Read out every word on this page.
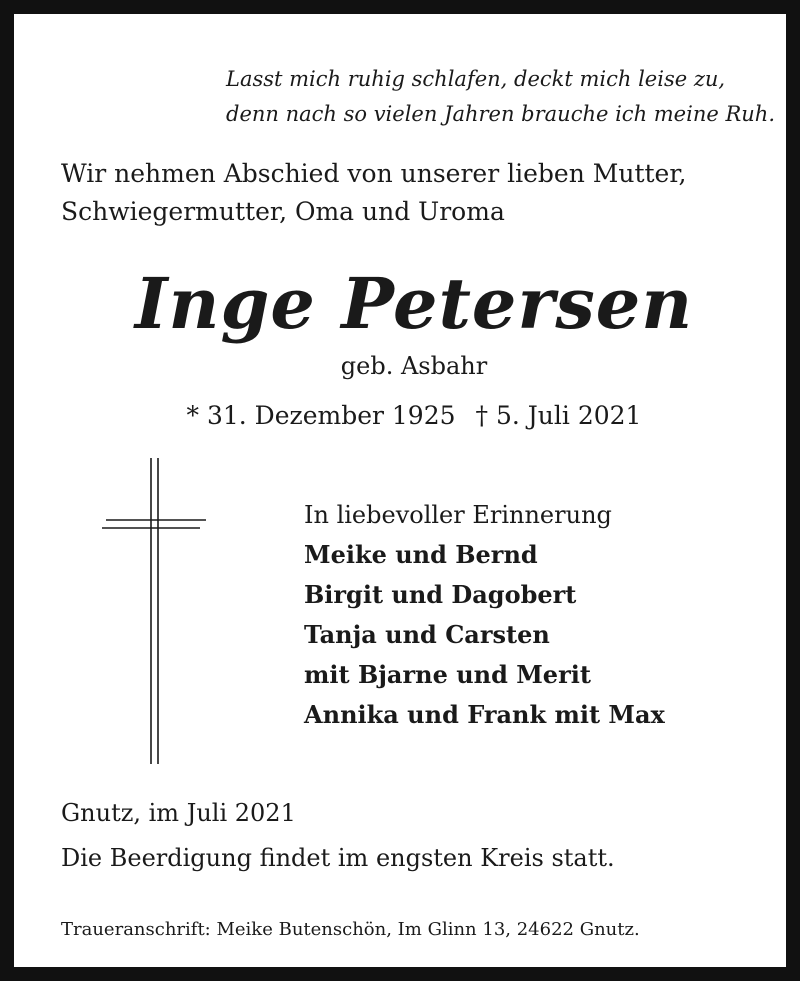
Lasst mich ruhig schlafen, deckt mich leise zu,
denn nach so vielen Jahren brauche ich meine Ruh.
Wir nehmen Abschied von unserer lieben Mutter,
Schwiegermutter, Oma und Uroma
Inge Petersen
geb. Asbahr
* 31. Dezember 1925 † 5. Juli 2021
In liebevoller Erinnerung
Meike und Bernd
Birgit und Dagobert
Tanja und Carsten
mit Bjarne und Merit
Annika und Frank mit Max
Gnutz, im Juli 2021
Die Beerdigung findet im engsten Kreis statt.
Traueranschrift: Meike Butenschön, Im Glinn 13, 24622 Gnutz.
